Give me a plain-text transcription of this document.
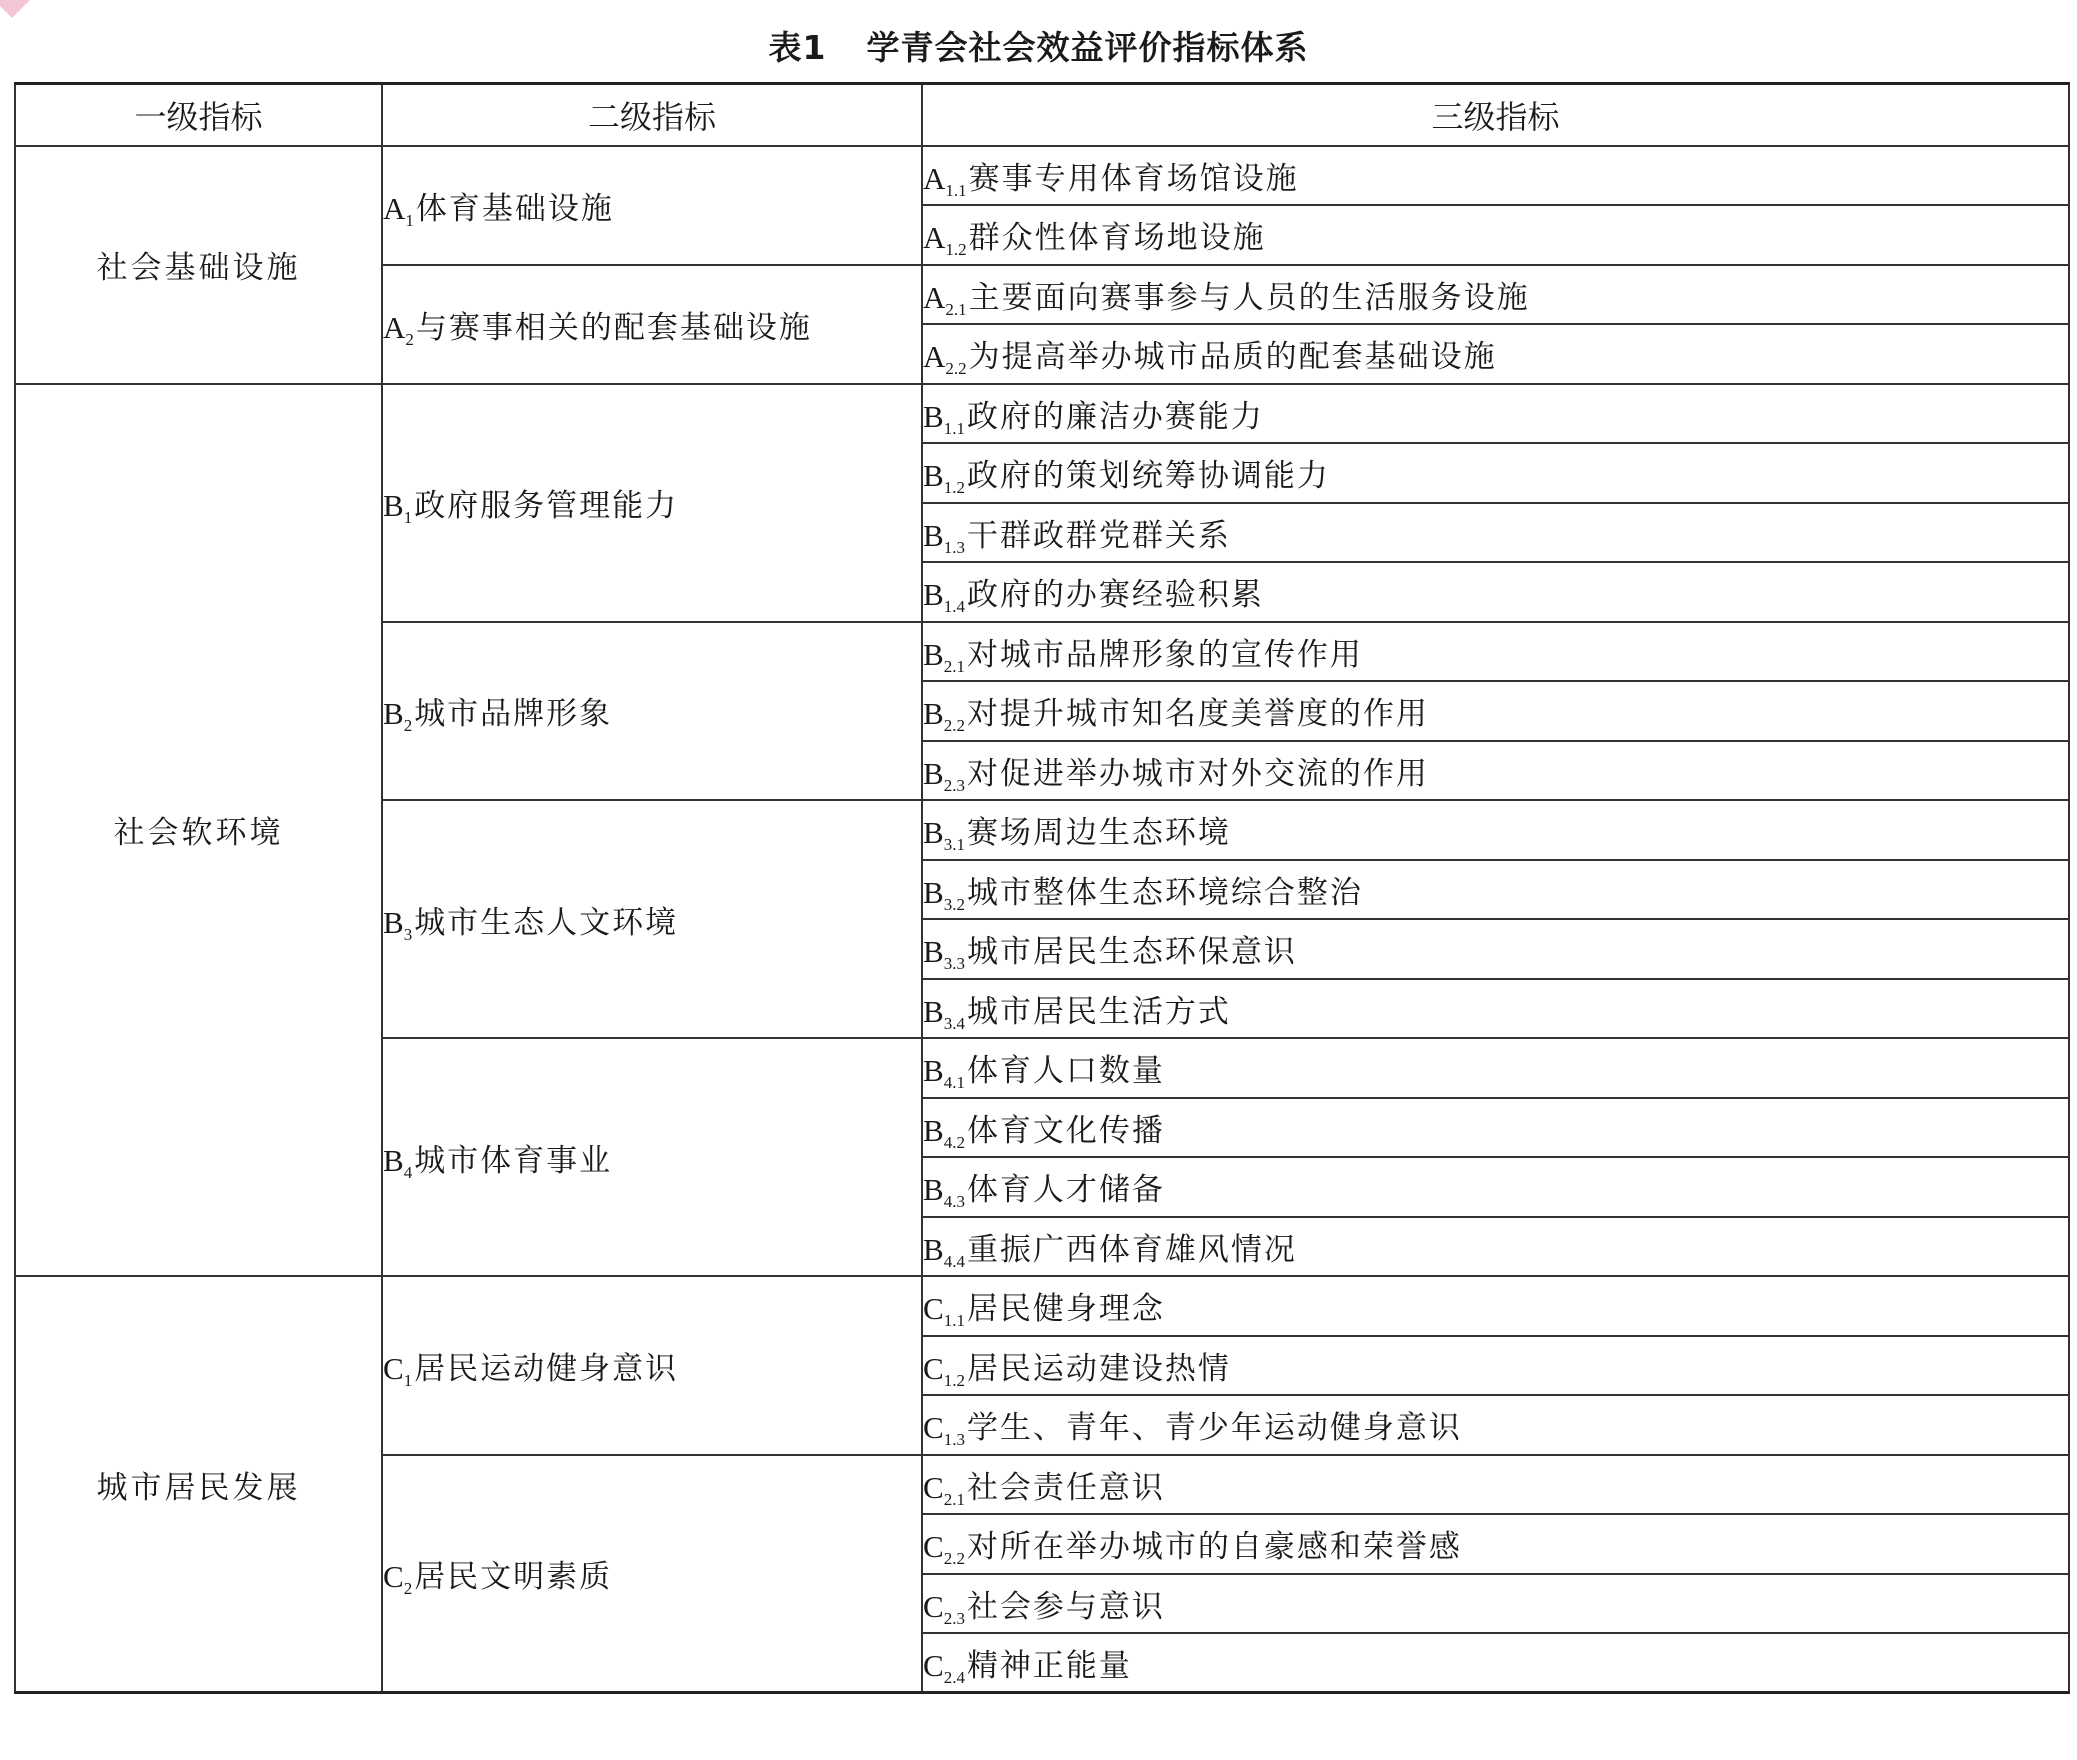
表1 学青会社会效益评价指标体系
一级指标	二级指标	三级指标
社会基础设施	$A_1$体育基础设施	$A_{1.1}$赛事专用体育场馆设施
		$A_{1.2}$群众性体育场地设施
	$A_2$与赛事相关的配套基础设施	$A_{2.1}$主要面向赛事参与人员的生活服务设施
		$A_{2.2}$为提高举办城市品质的配套基础设施
社会软环境	$B_1$政府服务管理能力	$B_{1.1}$政府的廉洁办赛能力
		$B_{1.2}$政府的策划统筹协调能力
		$B_{1.3}$干群政群党群关系
		$B_{1.4}$政府的办赛经验积累
	$B_2$城市品牌形象	$B_{2.1}$对城市品牌形象的宣传作用
		$B_{2.2}$对提升城市知名度美誉度的作用
		$B_{2.3}$对促进举办城市对外交流的作用
	$B_3$城市生态人文环境	$B_{3.1}$赛场周边生态环境
		$B_{3.2}$城市整体生态环境综合整治
		$B_{3.3}$城市居民生态环保意识
		$B_{3.4}$城市居民生活方式
	$B_4$城市体育事业	$B_{4.1}$体育人口数量
		$B_{4.2}$体育文化传播
		$B_{4.3}$体育人才储备
		$B_{4.4}$重振广西体育雄风情况
城市居民发展	$C_1$居民运动健身意识	$C_{1.1}$居民健身理念
		$C_{1.2}$居民运动建设热情
		$C_{1.3}$学生、青年、青少年运动健身意识
	$C_2$居民文明素质	$C_{2.1}$社会责任意识
		$C_{2.2}$对所在举办城市的自豪感和荣誉感
		$C_{2.3}$社会参与意识
		$C_{2.4}$精神正能量
